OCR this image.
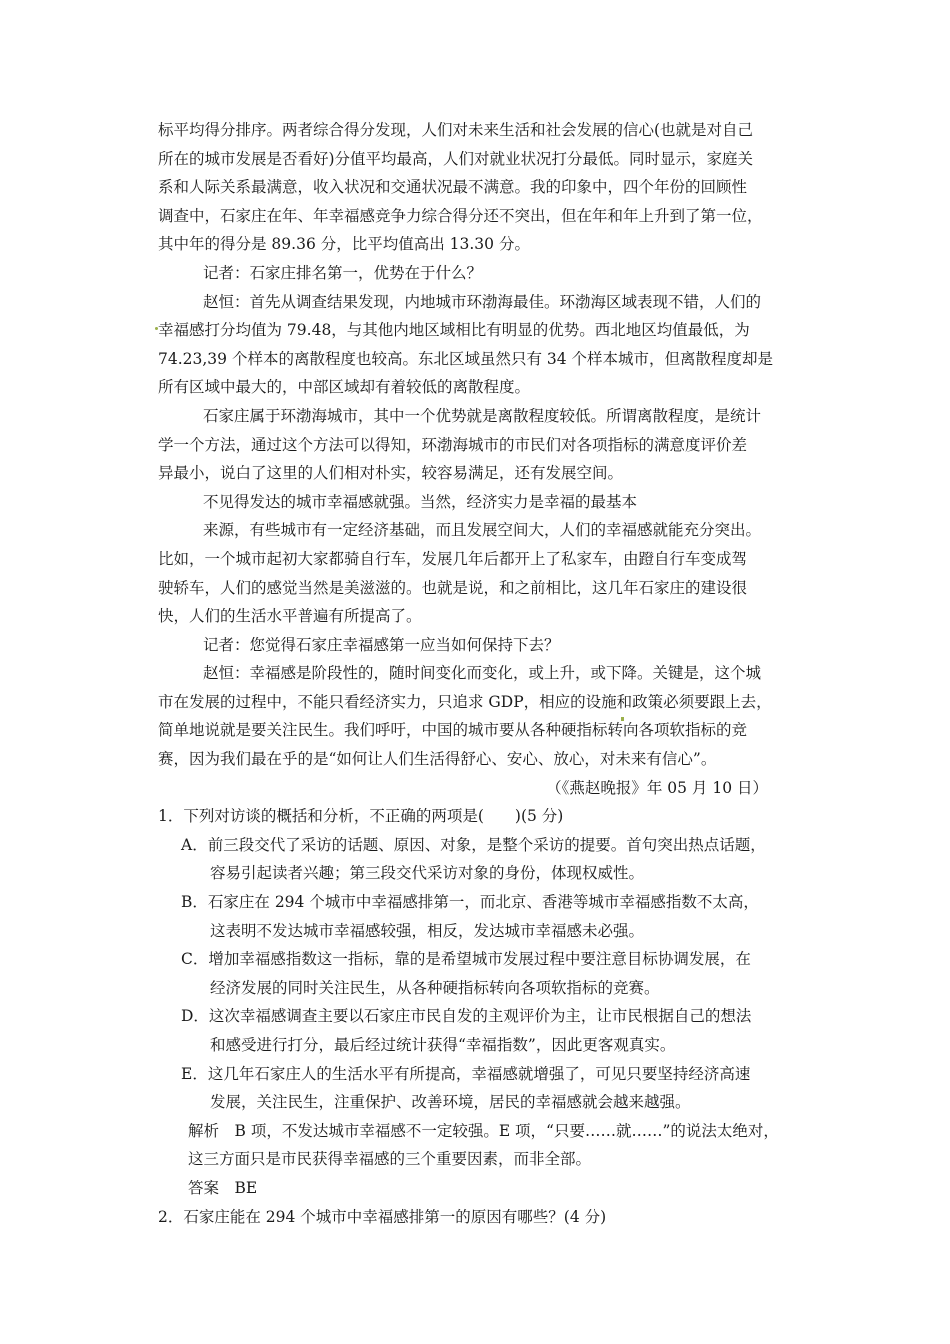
标平均得分排序。两者综合得分发现，人们对未来生活和社会发展的信心(也就是对自己
所在的城市发展是否看好)分值平均最高，人们对就业状况打分最低。同时显示，家庭关
系和人际关系最满意，收入状况和交通状况最不满意。我的印象中，四个年份的回顾性
调查中，石家庄在年、年幸福感竞争力综合得分还不突出，但在年和年上升到了第一位，
其中年的得分是 89.36 分，比平均值高出 13.30 分。
记者：石家庄排名第一，优势在于什么？
赵恒：首先从调查结果发现，内地城市环渤海最佳。环渤海区域表现不错，人们的
幸福感打分均值为 79.48，与其他内地区域相比有明显的优势。西北地区均值最低，为
74.23,39 个样本的离散程度也较高。东北区域虽然只有 34 个样本城市，但离散程度却是
所有区域中最大的，中部区域却有着较低的离散程度。
石家庄属于环渤海城市，其中一个优势就是离散程度较低。所谓离散程度，是统计
学一个方法，通过这个方法可以得知，环渤海城市的市民们对各项指标的满意度评价差
异最小，说白了这里的人们相对朴实，较容易满足，还有发展空间。
不见得发达的城市幸福感就强。当然，经济实力是幸福的最基本
来源，有些城市有一定经济基础，而且发展空间大，人们的幸福感就能充分突出。
比如，一个城市起初大家都骑自行车，发展几年后都开上了私家车，由蹬自行车变成驾
驶轿车，人们的感觉当然是美滋滋的。也就是说，和之前相比，这几年石家庄的建设很
快，人们的生活水平普遍有所提高了。
记者：您觉得石家庄幸福感第一应当如何保持下去？
赵恒：幸福感是阶段性的，随时间变化而变化，或上升，或下降。关键是，这个城
市在发展的过程中，不能只看经济实力，只追求 GDP，相应的设施和政策必须要跟上去，
简单地说就是要关注民生。我们呼吁，中国的城市要从各种硬指标转向各项软指标的竞
赛，因为我们最在乎的是“如何让人们生活得舒心、安心、放心，对未来有信心”。
（《燕赵晚报》年 05 月 10 日）
1．下列对访谈的概括和分析，不正确的两项是(　　)(5 分)
A．前三段交代了采访的话题、原因、对象，是整个采访的提要。首句突出热点话题，
容易引起读者兴趣；第三段交代采访对象的身份，体现权威性。
B．石家庄在 294 个城市中幸福感排第一，而北京、香港等城市幸福感指数不太高，
这表明不发达城市幸福感较强，相反，发达城市幸福感未必强。
C．增加幸福感指数这一指标，靠的是希望城市发展过程中要注意目标协调发展，在
经济发展的同时关注民生，从各种硬指标转向各项软指标的竞赛。
D．这次幸福感调查主要以石家庄市民自发的主观评价为主，让市民根据自己的想法
和感受进行打分，最后经过统计获得“幸福指数”，因此更客观真实。
E．这几年石家庄人的生活水平有所提高，幸福感就增强了，可见只要坚持经济高速
发展，关注民生，注重保护、改善环境，居民的幸福感就会越来越强。
解析　B 项，不发达城市幸福感不一定较强。E 项，“只要……就……”的说法太绝对，
这三方面只是市民获得幸福感的三个重要因素，而非全部。
答案　BE
2．石家庄能在 294 个城市中幸福感排第一的原因有哪些？(4 分)
